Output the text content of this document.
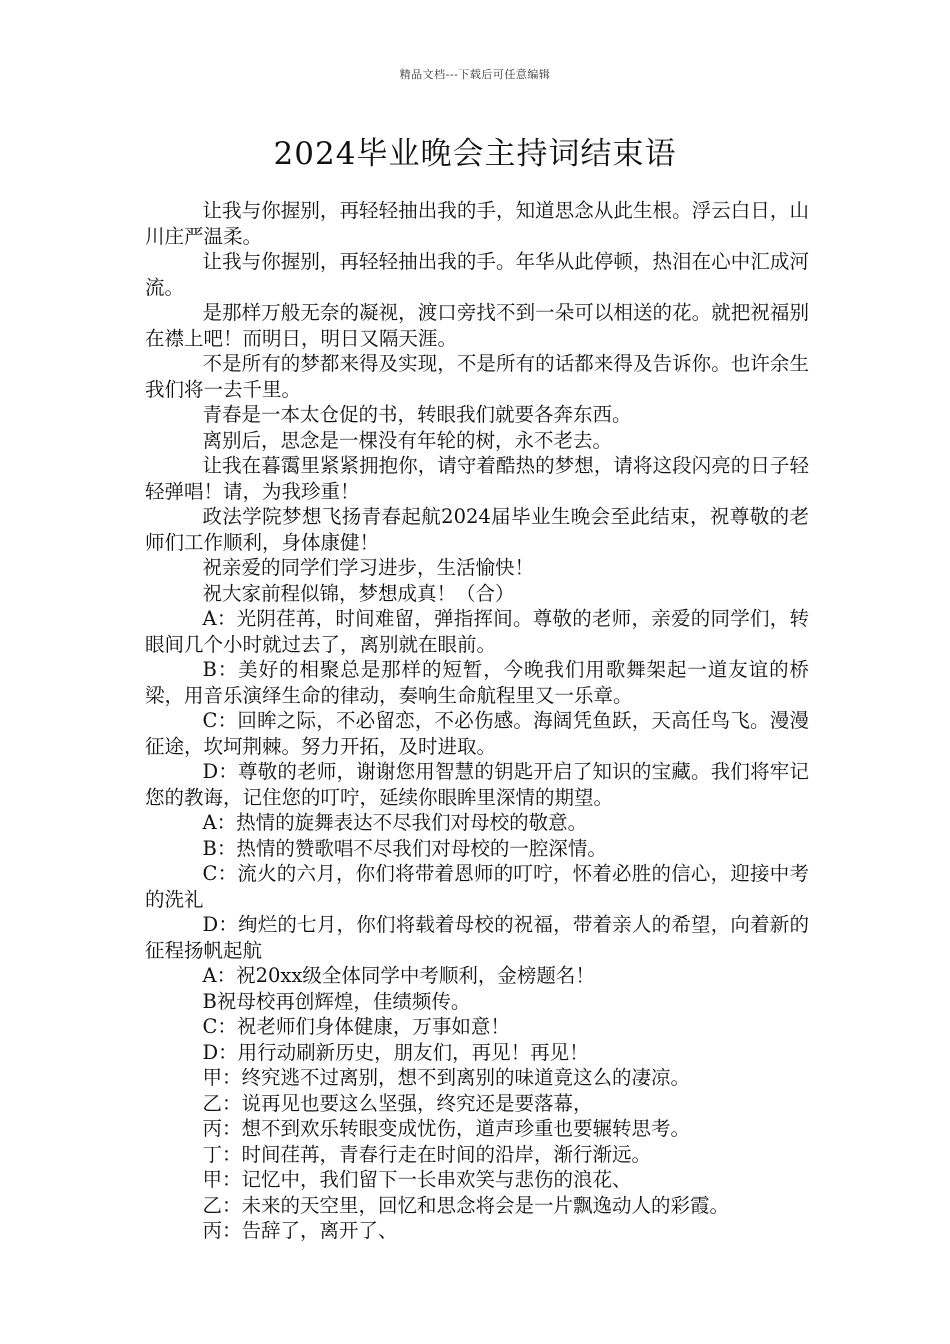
精品文档---下载后可任意编辑
2024毕业晚会主持词结束语

让我与你握别，再轻轻抽出我的手，知道思念从此生根。浮云白日，山川庄严温柔。

让我与你握别，再轻轻抽出我的手。年华从此停顿，热泪在心中汇成河流。

是那样万般无奈的凝视，渡口旁找不到一朵可以相送的花。就把祝福别在襟上吧！而明日，明日又隔天涯。

不是所有的梦都来得及实现，不是所有的话都来得及告诉你。也许余生我们将一去千里。

青春是一本太仓促的书，转眼我们就要各奔东西。

离别后，思念是一棵没有年轮的树，永不老去。

让我在暮霭里紧紧拥抱你，请守着酷热的梦想，请将这段闪亮的日子轻轻弹唱！请，为我珍重！

政法学院梦想飞扬青春起航2024届毕业生晚会至此结束，祝尊敬的老师们工作顺利，身体康健！

祝亲爱的同学们学习进步，生活愉快！

祝大家前程似锦，梦想成真！（合）

A：光阴荏苒，时间难留，弹指挥间。尊敬的老师，亲爱的同学们，转眼间几个小时就过去了，离别就在眼前。

B：美好的相聚总是那样的短暂，今晚我们用歌舞架起一道友谊的桥梁，用音乐演绎生命的律动，奏响生命航程里又一乐章。

C：回眸之际，不必留恋，不必伤感。海阔凭鱼跃，天高任鸟飞。漫漫征途，坎坷荆棘。努力开拓，及时进取。

D：尊敬的老师，谢谢您用智慧的钥匙开启了知识的宝藏。我们将牢记您的教诲，记住您的叮咛，延续你眼眸里深情的期望。

A：热情的旋舞表达不尽我们对母校的敬意。

B：热情的赞歌唱不尽我们对母校的一腔深情。

C：流火的六月，你们将带着恩师的叮咛，怀着必胜的信心，迎接中考的洗礼

D：绚烂的七月，你们将载着母校的祝福，带着亲人的希望，向着新的征程扬帆起航

A：祝20xx级全体同学中考顺利，金榜题名！

B祝母校再创辉煌，佳绩频传。

C：祝老师们身体健康，万事如意！

D：用行动刷新历史，朋友们，再见！再见！

甲：终究逃不过离别，想不到离别的味道竟这么的凄凉。

乙：说再见也要这么坚强，终究还是要落幕，

丙：想不到欢乐转眼变成忧伤，道声珍重也要辗转思考。

丁：时间荏苒，青春行走在时间的沿岸，渐行渐远。

甲：记忆中，我们留下一长串欢笑与悲伤的浪花、

乙：未来的天空里，回忆和思念将会是一片飘逸动人的彩霞。

丙：告辞了，离开了、
